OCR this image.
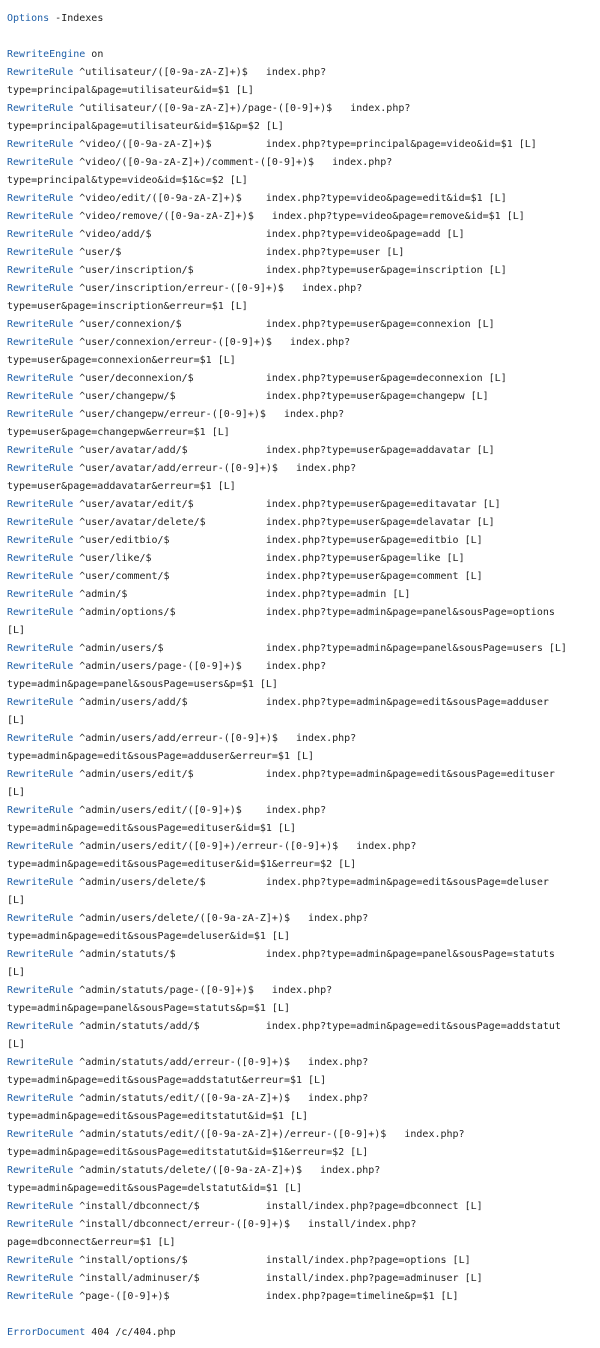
Options -Indexes
RewriteEngine on
RewriteRule ^utilisateur/([0-9a-zA-Z]+)$ index.php?
type=principal&page=utilisateur&id=$1 [L]
RewriteRule ^utilisateur/([0-9a-zA-Z]+)/page-([0-9]+)$ index.php?
type=principal&page=utilisateur&id=$1&p=$2 [L]
RewriteRule ^video/([0-9a-zA-Z]+)$	index.php?type=principal&page=video&id=$1 [L]
RewriteRule ^video/([0-9a-zA-Z]+)/comment-([0-9]+)$ index.php?
type=principal&type=video&id=$1&c=$2 [L]
RewriteRule ^video/edit/([0-9a-zA-Z]+)$ index.php?type=video&page=edit&id=$1 [L]
RewriteRule ^video/remove/([0-9a-zA-Z]+)$ index.php?type=video&page=remove&id=$1 [L]
RewriteRule ^video/add/$	index.php?type=video&page=add [L]
RewriteRule ^user/$	index.php?type=user [L]
RewriteRule ^user/inscription/$	index.php?type=user&page=inscription [L]
RewriteRule ^user/inscription/erreur-([0-9]+)$ index.php?
type=user&page=inscription&erreur=$1 [L]
RewriteRule ^user/connexion/$	index.php?type=user&page=connexion [L]
RewriteRule ^user/connexion/erreur-([0-9]+)$ index.php?
type=user&page=connexion&erreur=$1 [L]
RewriteRule ^user/deconnexion/$	index.php?type=user&page=deconnexion [L]
RewriteRule ^user/changepw/$	index.php?type=user&page=changepw [L]
RewriteRule ^user/changepw/erreur-([0-9]+)$ index.php?
type=user&page=changepw&erreur=$1 [L]
RewriteRule ^user/avatar/add/$	index.php?type=user&page=addavatar [L]
RewriteRule ^user/avatar/add/erreur-([0-9]+)$ index.php?
type=user&page=addavatar&erreur=$1 [L]
RewriteRule ^user/avatar/edit/$	index.php?type=user&page=editavatar [L]
RewriteRule ^user/avatar/delete/$	index.php?type=user&page=delavatar [L]
RewriteRule ^user/editbio/$	index.php?type=user&page=editbio [L]
RewriteRule ^user/like/$	index.php?type=user&page=like [L]
RewriteRule ^user/comment/$	index.php?type=user&page=comment [L]
RewriteRule ^admin/$	index.php?type=admin [L]
RewriteRule ^admin/options/$	index.php?type=admin&page=panel&sousPage=options
[L]
RewriteRule ^admin/users/$	index.php?type=admin&page=panel&sousPage=users [L]
RewriteRule ^admin/users/page-([0-9]+)$ index.php?
type=admin&page=panel&sousPage=users&p=$1 [L]
RewriteRule ^admin/users/add/$	index.php?type=admin&page=edit&sousPage=adduser
[L]
RewriteRule ^admin/users/add/erreur-([0-9]+)$ index.php?
type=admin&page=edit&sousPage=adduser&erreur=$1 [L]
RewriteRule ^admin/users/edit/$	index.php?type=admin&page=edit&sousPage=edituser
[L]
RewriteRule ^admin/users/edit/([0-9]+)$ index.php?
type=admin&page=edit&sousPage=edituser&id=$1 [L]
RewriteRule ^admin/users/edit/([0-9]+)/erreur-([0-9]+)$ index.php?
type=admin&page=edit&sousPage=edituser&id=$1&erreur=$2 [L]
RewriteRule ^admin/users/delete/$	index.php?type=admin&page=edit&sousPage=deluser
[L]
RewriteRule ^admin/users/delete/([0-9a-zA-Z]+)$ index.php?
type=admin&page=edit&sousPage=deluser&id=$1 [L]
RewriteRule ^admin/statuts/$	index.php?type=admin&page=panel&sousPage=statuts
[L]
RewriteRule ^admin/statuts/page-([0-9]+)$ index.php?
type=admin&page=panel&sousPage=statuts&p=$1 [L]
RewriteRule ^admin/statuts/add/$	index.php?type=admin&page=edit&sousPage=addstatut
[L]
RewriteRule ^admin/statuts/add/erreur-([0-9]+)$ index.php?
type=admin&page=edit&sousPage=addstatut&erreur=$1 [L]
RewriteRule ^admin/statuts/edit/([0-9a-zA-Z]+)$ index.php?
type=admin&page=edit&sousPage=editstatut&id=$1 [L]
RewriteRule ^admin/statuts/edit/([0-9a-zA-Z]+)/erreur-([0-9]+)$ index.php?
type=admin&page=edit&sousPage=editstatut&id=$1&erreur=$2 [L]
RewriteRule ^admin/statuts/delete/([0-9a-zA-Z]+)$ index.php?
type=admin&page=edit&sousPage=delstatut&id=$1 [L]
RewriteRule ^install/dbconnect/$	install/index.php?page=dbconnect [L]
RewriteRule ^install/dbconnect/erreur-([0-9]+)$ install/index.php?
page=dbconnect&erreur=$1 [L]
RewriteRule ^install/options/$	install/index.php?page=options [L]
RewriteRule ^install/adminuser/$	install/index.php?page=adminuser [L]
RewriteRule ^page-([0-9]+)$	index.php?page=timeline&p=$1 [L]
ErrorDocument 404 /c/404.php
